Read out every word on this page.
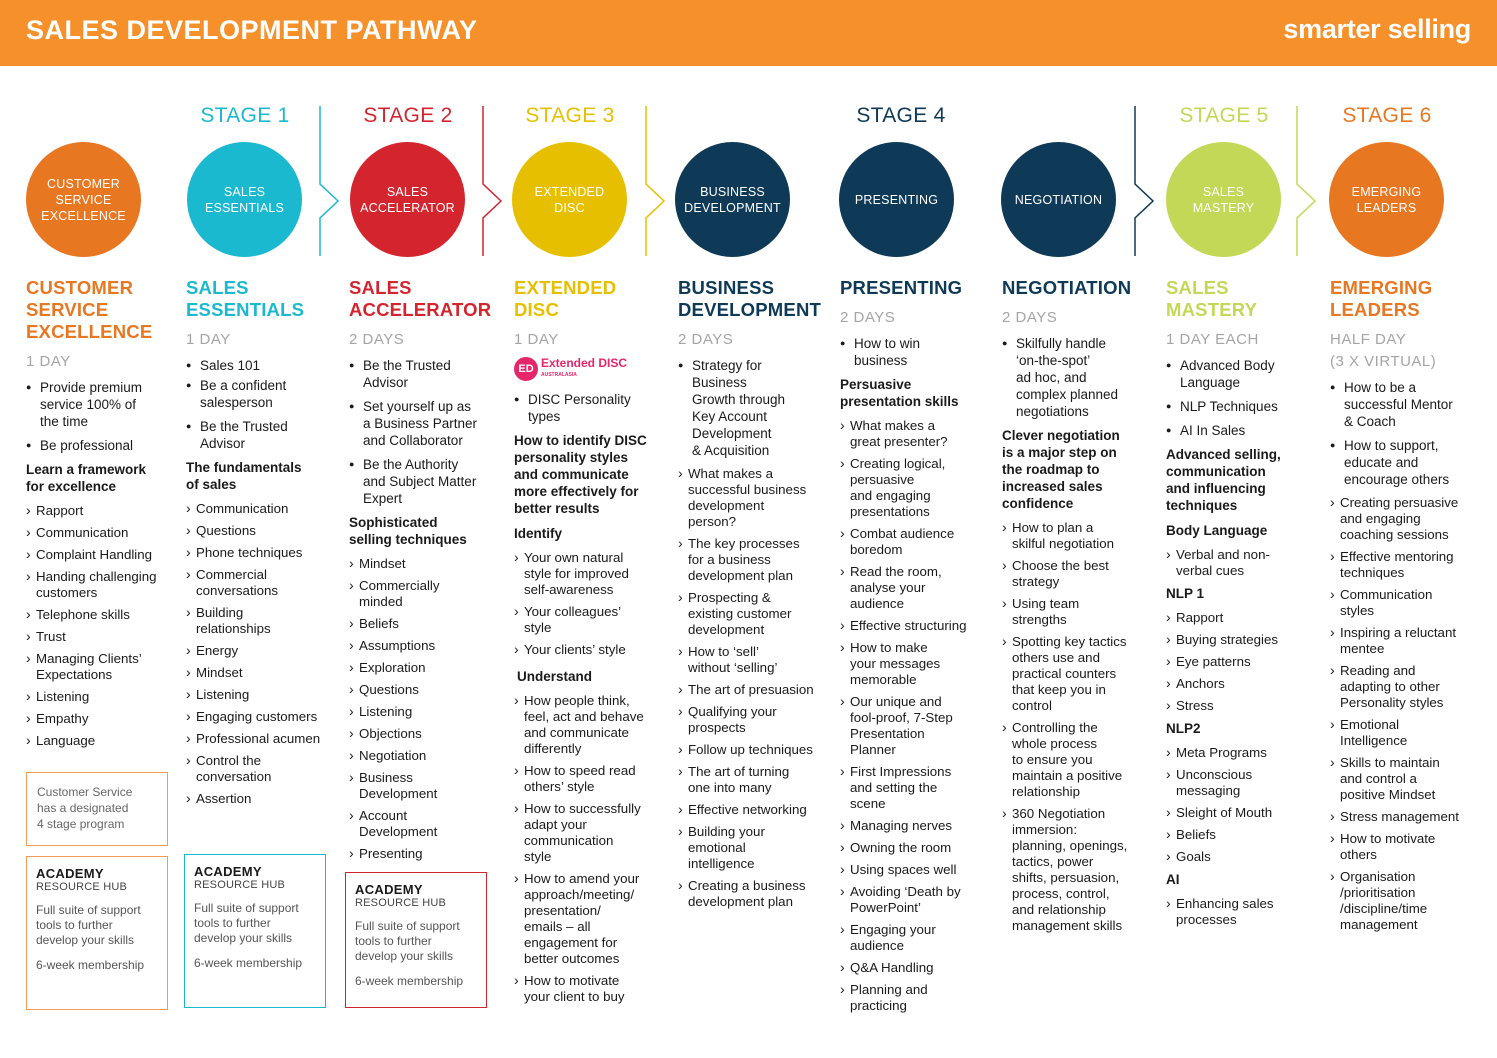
SALES DEVELOPMENT PATHWAY	smarter selling
STAGE 1	STAGE 2	STAGE 3	STAGE 4	STAGE 5	STAGE 6
CUSTOMER
SERVICE
EXCELLENCE
SALES
ESSENTIALS
SALES
ACCELERATOR
EXTENDED
DISC
BUSINESS
DEVELOPMENT
PRESENTING	NEGOTIATION
SALES
MASTERY
EMERGING
LEADERS
CUSTOMER
SERVICE
EXCELLENCE
1 DAY
● Provide premium
service 100% of
the time
● Be professional
Learn a framework
for excellence
› Rapport
› Communication
› Complaint Handling
› Handing challenging
customers
› Telephone skills
› Trust
› Managing Clients’
Expectations
› Listening
› Empathy
› Language
Customer Service
has a designated
4 stage program
SALES
ESSENTIALS
1 DAY
● Sales 101
● Be a confident
salesperson
● Be the Trusted
Advisor
The fundamentals
of sales
› Communication
› Questions
› Phone techniques
› Commercial
conversations
› Building
relationships
› Energy
› Mindset
› Listening
› Engaging customers
› Professional acumen
› Control the
conversation
› Assertion
SALES
ACCELERATOR
2 DAYS
● Be the Trusted
Advisor
● Set yourself up as
a Business Partner
and Collaborator
● Be the Authority
and Subject Matter
Expert
Sophisticated
selling techniques
› Mindset
› Commercially
minded
› Beliefs
› Assumptions
› Exploration
› Questions
› Listening
› Objections
› Negotiation
› Business
Development
› Account
Development
› Presenting
EXTENDED
DISC
1 DAY
ED Extended DISC
AUSTRALASIA
● DISC Personality
types
How to identify DISC
personality styles
and communicate
more effectively for
better results
Identify
› Your own natural
style for improved
self-awareness
› Your colleagues’
style
› Your clients’ style
Understand
› How people think,
feel, act and behave
and communicate
differently
› How to speed read
others’ style
› How to successfully
adapt your
communication
style
› How to amend your
approach/meeting/
presentation/
emails – all
engagement for
better outcomes
› How to motivate
your client to buy
BUSINESS
DEVELOPMENT
2 DAYS
● Strategy for
Business
Growth through
Key Account
Development
& Acquisition
› What makes a
successful business
development
person?
› The key processes
for a business
development plan
› Prospecting &
existing customer
development
› How to ‘sell’
without ‘selling’
› The art of presuasion
› Qualifying your
prospects
› Follow up techniques
› The art of turning
one into many
› Effective networking
› Building your
emotional
intelligence
› Creating a business
development plan
PRESENTING
2 DAYS
● How to win
business
Persuasive
presentation skills
› What makes a
great presenter?
› Creating logical,
persuasive
and engaging
presentations
› Combat audience
boredom
› Read the room,
analyse your
audience
› Effective structuring
› How to make
your messages
memorable
› Our unique and
fool-proof, 7-Step
Presentation
Planner
› First Impressions
and setting the
scene
› Managing nerves
› Owning the room
› Using spaces well
› Avoiding ‘Death by
PowerPoint’
› Engaging your
audience
› Q&A Handling
› Planning and
practicing
NEGOTIATION
2 DAYS
● Skilfully handle
‘on-the-spot’
ad hoc, and
complex planned
negotiations
Clever negotiation
is a major step on
the roadmap to
increased sales
confidence
› How to plan a
skilful negotiation
› Choose the best
strategy
› Using team
strengths
› Spotting key tactics
others use and
practical counters
that keep you in
control
› Controlling the
whole process
to ensure you
maintain a positive
relationship
› 360 Negotiation
immersion:
planning, openings,
tactics, power
shifts, persuasion,
process, control,
and relationship
management skills
SALES
MASTERY
1 DAY EACH
● Advanced Body
Language
● NLP Techniques
● AI In Sales
Advanced selling,
communication
and influencing
techniques
Body Language
› Verbal and non-
verbal cues
NLP 1
› Rapport
› Buying strategies
› Eye patterns
› Anchors
› Stress
NLP2
› Meta Programs
› Unconscious
messaging
› Sleight of Mouth
› Beliefs
› Goals
AI
› Enhancing sales
processes
EMERGING
LEADERS
HALF DAY
(3 X VIRTUAL)
● How to be a
successful Mentor
& Coach
● How to support,
educate and
encourage others
› Creating persuasive
and engaging
coaching sessions
› Effective mentoring
techniques
› Communication
styles
› Inspiring a reluctant
mentee
› Reading and
adapting to other
Personality styles
› Emotional
Intelligence
› Skills to maintain
and control a
positive Mindset
› Stress management
› How to motivate
others
› Organisation
/prioritisation
/discipline/time
management
ACADEMY
RESOURCE HUB
Full suite of support
tools to further
develop your skills
6-week membership
ACADEMY
RESOURCE HUB
Full suite of support
tools to further
develop your skills
6-week membership
ACADEMY
RESOURCE HUB
Full suite of support
tools to further
develop your skills
6-week membership
